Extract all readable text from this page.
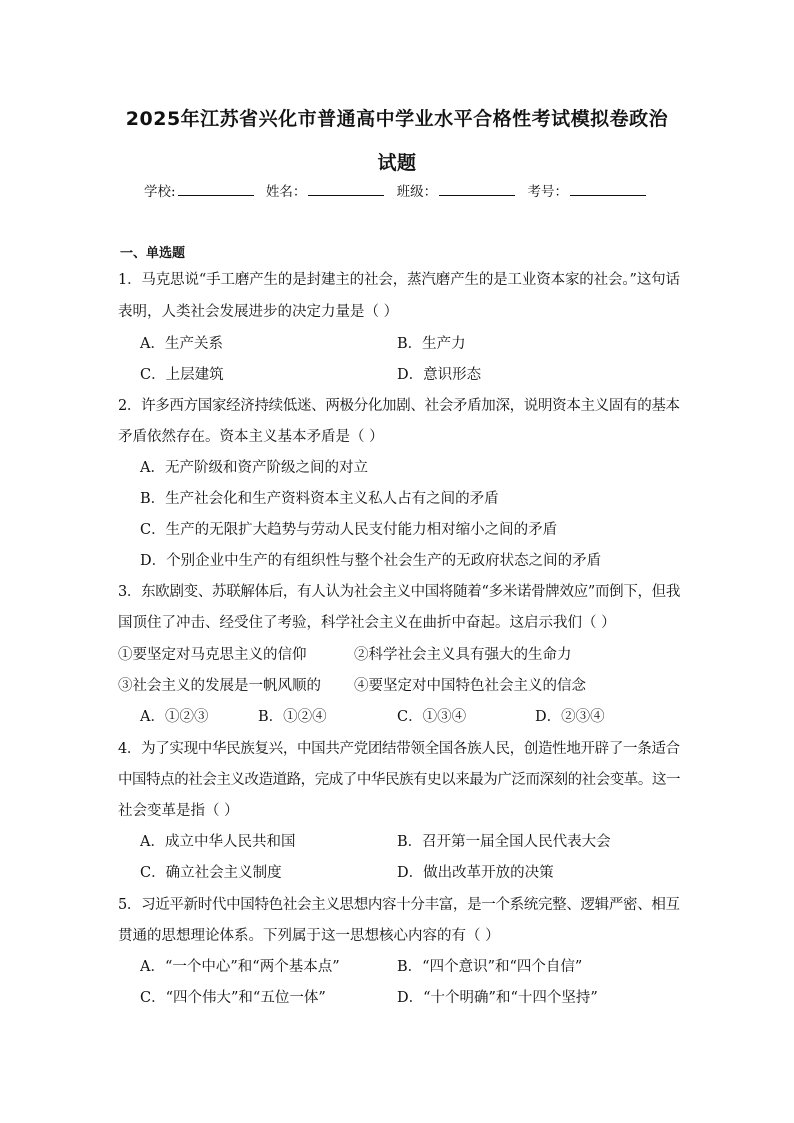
2025年江苏省兴化市普通高中学业水平合格性考试模拟卷政治
试题
学校:	姓名：	班级：	考号：
一、单选题
1．马克思说“手工磨产生的是封建主的社会，蒸汽磨产生的是工业资本家的社会。”这句话
表明，人类社会发展进步的决定力量是（ ）
A．生产关系	B．生产力
C．上层建筑	D．意识形态
2．许多西方国家经济持续低迷、两极分化加剧、社会矛盾加深，说明资本主义固有的基本
矛盾依然存在。资本主义基本矛盾是（ ）
A．无产阶级和资产阶级之间的对立
B．生产社会化和生产资料资本主义私人占有之间的矛盾
C．生产的无限扩大趋势与劳动人民支付能力相对缩小之间的矛盾
D．个别企业中生产的有组织性与整个社会生产的无政府状态之间的矛盾
3．东欧剧变、苏联解体后，有人认为社会主义中国将随着“多米诺骨牌效应”而倒下，但我
国顶住了冲击、经受住了考验，科学社会主义在曲折中奋起。这启示我们（ ）
①要坚定对马克思主义的信仰	②科学社会主义具有强大的生命力
③社会主义的发展是一帆风顺的 ④要坚定对中国特色社会主义的信念
A．①②③	B．①②④	C．①③④	D．②③④
4．为了实现中华民族复兴，中国共产党团结带领全国各族人民，创造性地开辟了一条适合
中国特点的社会主义改造道路，完成了中华民族有史以来最为广泛而深刻的社会变革。这一
社会变革是指（ ）
A．成立中华人民共和国	B．召开第一届全国人民代表大会
C．确立社会主义制度	D．做出改革开放的决策
5．习近平新时代中国特色社会主义思想内容十分丰富，是一个系统完整、逻辑严密、相互
贯通的思想理论体系。下列属于这一思想核心内容的有（ ）
A．“一个中心”和“两个基本点”	B．“四个意识”和“四个自信”
C．“四个伟大”和“五位一体”	D．“十个明确”和“十四个坚持”
